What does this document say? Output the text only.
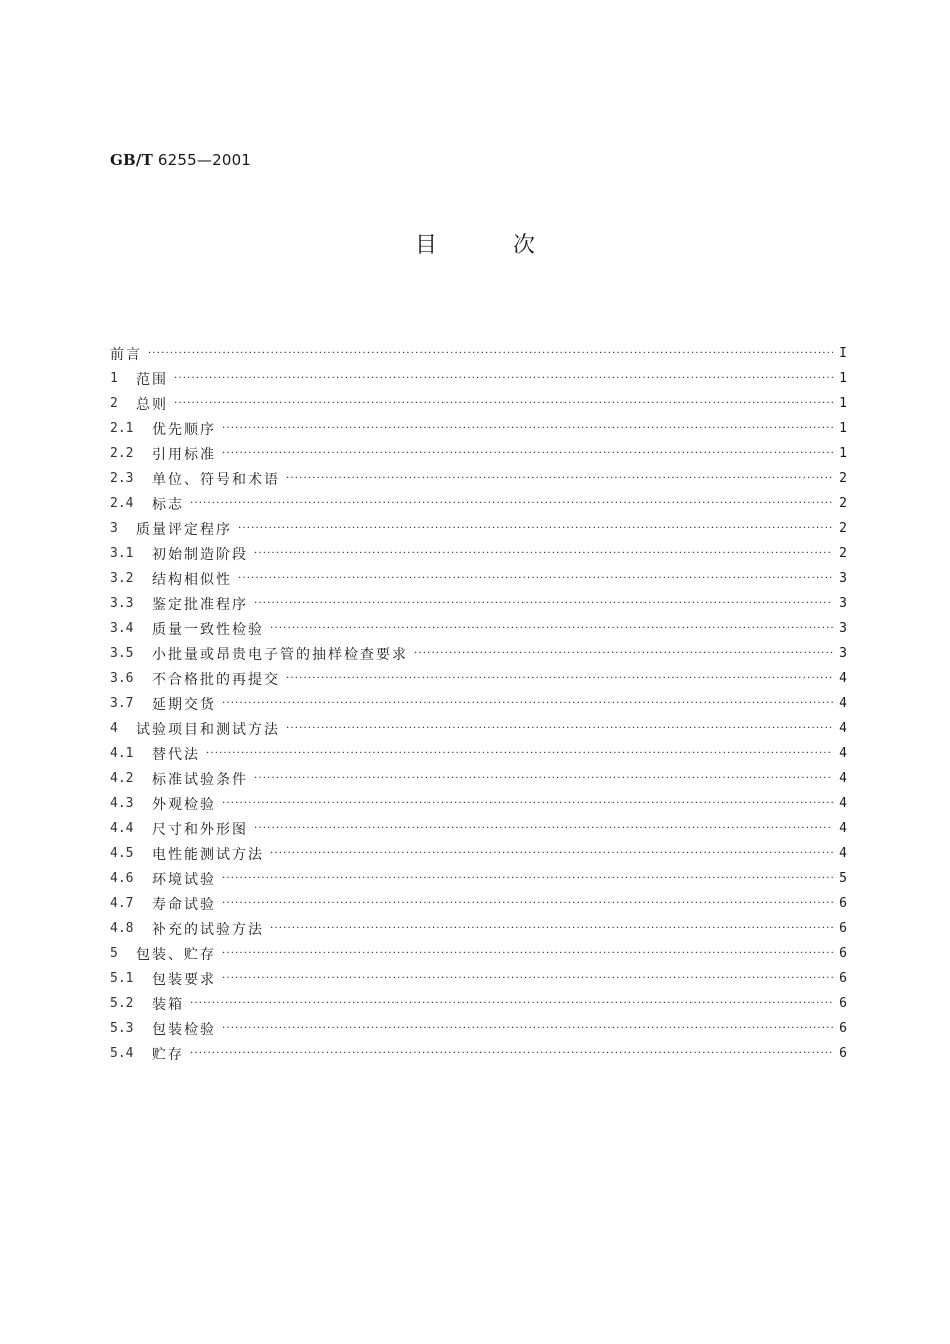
GB/T 6255—2001
目次
前言 ·····	I
1	范围 ·····	1
2	总则 ·····	1
2.1	优先顺序 ·····	1
2.2	引用标准 ·····	1
2.3	单位、符号和术语 ·····	2
2.4	标志 ·····	2
3	质量评定程序 ·····	2
3.1	初始制造阶段 ·····	2
3.2	结构相似性 ·····	3
3.3	鉴定批准程序 ·····	3
3.4	质量一致性检验 ·····	3
3.5	小批量或昂贵电子管的抽样检查要求 ·····	3
3.6	不合格批的再提交 ·····	4
3.7	延期交货 ·····	4
4	试验项目和测试方法 ·····	4
4.1	替代法 ·····	4
4.2	标准试验条件 ·····	4
4.3	外观检验 ·····	4
4.4	尺寸和外形图 ·····	4
4.5	电性能测试方法 ·····	4
4.6	环境试验 ·····	5
4.7	寿命试验 ·····	6
4.8	补充的试验方法 ·····	6
5	包装、贮存 ·····	6
5.1	包装要求 ·····	6
5.2	装箱 ·····	6
5.3	包装检验 ·····	6
5.4	贮存 ·····	6
